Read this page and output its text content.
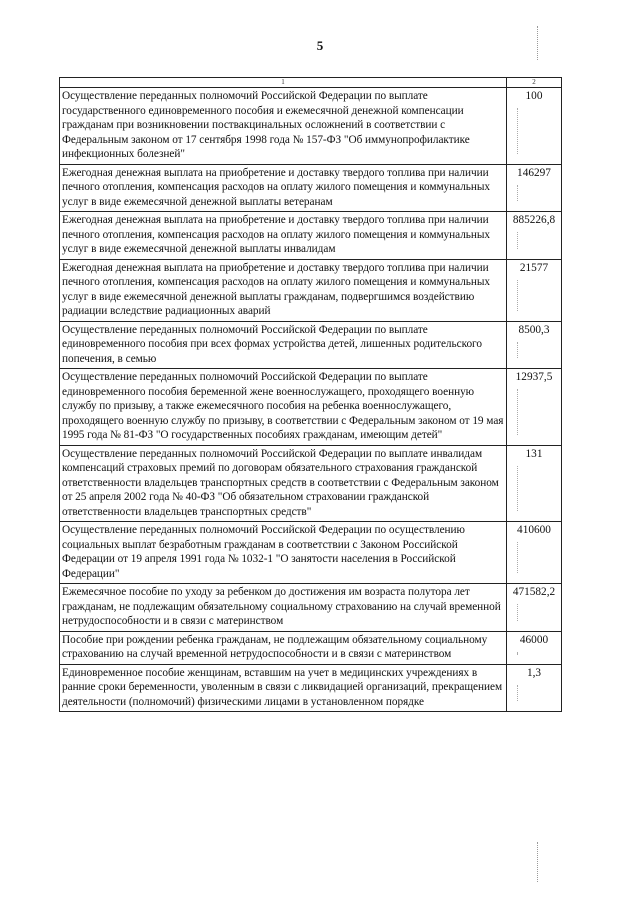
5
1	2
Осуществление переданных полномочий Российской Федерации по выплате государственного единовременного пособия и ежемесячной денежной компенсации гражданам при возникновении поствакцинальных осложнений в соответствии с Федеральным законом от 17 сентября 1998 года № 157-ФЗ "Об иммунопрофилактике инфекционных болезней"	100
Ежегодная денежная выплата на приобретение и доставку твердого топлива при наличии печного отопления, компенсация расходов на оплату жилого помещения и коммунальных услуг в виде ежемесячной денежной выплаты ветеранам	146297
Ежегодная денежная выплата на приобретение и доставку твердого топлива при наличии печного отопления, компенсация расходов на оплату жилого помещения и коммунальных услуг в виде ежемесячной денежной выплаты инвалидам	885226,8
Ежегодная денежная выплата на приобретение и доставку твердого топлива при наличии печного отопления, компенсация расходов на оплату жилого помещения и коммунальных услуг в виде ежемесячной денежной выплаты гражданам, подвергшимся воздействию радиации вследствие радиационных аварий	21577
Осуществление переданных полномочий Российской Федерации по выплате единовременного пособия при всех формах устройства детей, лишенных родительского попечения, в семью	8500,3
Осуществление переданных полномочий Российской Федерации по выплате единовременного пособия беременной жене военнослужащего, проходящего военную службу по призыву, а также ежемесячного пособия на ребенка военнослужащего, проходящего военную службу по призыву, в соответствии с Федеральным законом от 19 мая 1995 года № 81-ФЗ "О государственных пособиях гражданам, имеющим детей"	12937,5
Осуществление переданных полномочий Российской Федерации по выплате инвалидам компенсаций страховых премий по договорам обязательного страхования гражданской ответственности владельцев транспортных средств в соответствии с Федеральным законом от 25 апреля 2002 года № 40-ФЗ "Об обязательном страховании гражданской ответственности владельцев транспортных средств"	131
Осуществление переданных полномочий Российской Федерации по осуществлению социальных выплат безработным гражданам в соответствии с Законом Российской Федерации от 19 апреля 1991 года № 1032-1 "О занятости населения в Российской Федерации"	410600
Ежемесячное пособие по уходу за ребенком до достижения им возраста полутора лет гражданам, не подлежащим обязательному социальному страхованию на случай временной нетрудоспособности и в связи с материнством	471582,2
Пособие при рождении ребенка гражданам, не подлежащим обязательному социальному страхованию на случай временной нетрудоспособности и в связи с материнством	46000
Единовременное пособие женщинам, вставшим на учет в медицинских учреждениях в ранние сроки беременности, уволенным в связи с ликвидацией организаций, прекращением деятельности (полномочий) физическими лицами в установленном порядке	1,3
